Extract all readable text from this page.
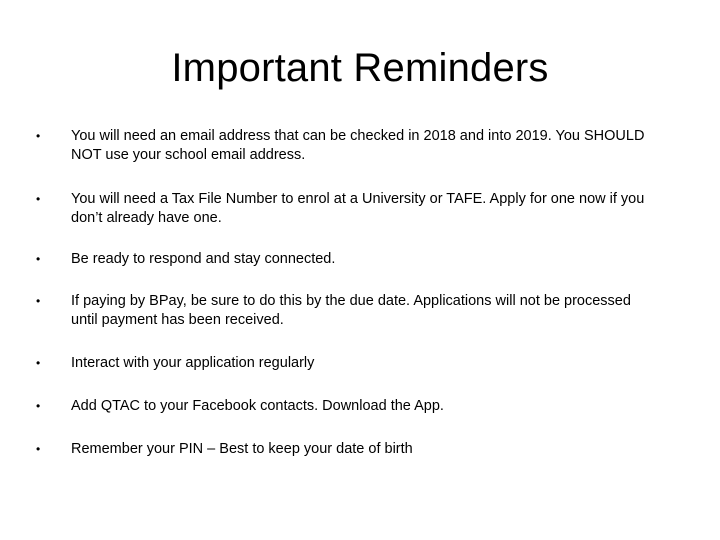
Important Reminders
• You will need an email address that can be checked in 2018 and into 2019. You SHOULD NOT use your school email address.
• You will need a Tax File Number to enrol at a University or TAFE. Apply for one now if you don’t already have one.
• Be ready to respond and stay connected.
• If paying by BPay, be sure to do this by the due date. Applications will not be processed until payment has been received.
• Interact with your application regularly
• Add QTAC to your Facebook contacts. Download the App.
• Remember your PIN – Best to keep your date of birth
